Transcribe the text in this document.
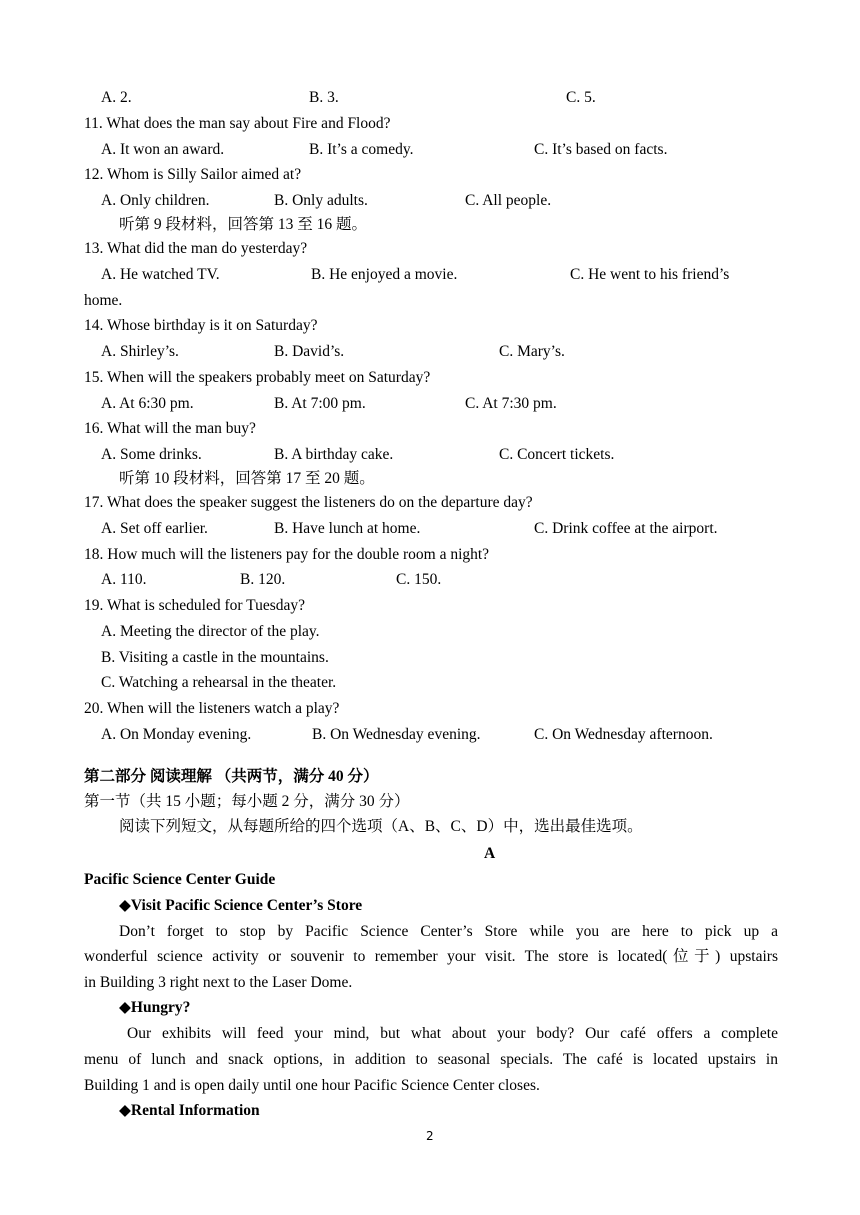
A. 2.	B. 3.	C. 5.
11. What does the man say about Fire and Flood?
A. It won an award.	B. It’s a comedy.	C. It’s based on facts.
12. Whom is Silly Sailor aimed at?
A. Only children.	B. Only adults.	C. All people.
听第 9 段材料，回答第 13 至 16 题。
13. What did the man do yesterday?
A. He watched TV.	B. He enjoyed a movie.	C. He went to his friend’s
home.
14. Whose birthday is it on Saturday?
A. Shirley’s.	B. David’s.	C. Mary’s.
15. When will the speakers probably meet on Saturday?
A. At 6:30 pm.	B. At 7:00 pm.	C. At 7:30 pm.
16. What will the man buy?
A. Some drinks.	B. A birthday cake.	C. Concert tickets.
听第 10 段材料，回答第 17 至 20 题。
17. What does the speaker suggest the listeners do on the departure day?
A. Set off earlier.	B. Have lunch at home.	C. Drink coffee at the airport.
18. How much will the listeners pay for the double room a night?
A. 110.	B. 120.	C. 150.
19. What is scheduled for Tuesday?
A. Meeting the director of the play.
B. Visiting a castle in the mountains.
C. Watching a rehearsal in the theater.
20. When will the listeners watch a play?
A. On Monday evening.	B. On Wednesday evening.	C. On Wednesday afternoon.
第二部分 阅读理解 （共两节，满分 40 分）
第一节（共 15 小题；每小题 2 分，满分 30 分）
阅读下列短文，从每题所给的四个选项（A、B、C、D）中，选出最佳选项。
A
Pacific Science Center Guide
◆Visit Pacific Science Center’s Store
Don’t forget to stop by Pacific Science Center’s Store while you are here to pick up a
wonderful science activity or souvenir to remember your visit. The store is located(位于) upstairs
in Building 3 right next to the Laser Dome.
◆Hungry?
Our exhibits will feed your mind, but what about your body? Our café offers a complete
menu of lunch and snack options, in addition to seasonal specials. The café is located upstairs in
Building 1 and is open daily until one hour Pacific Science Center closes.
◆Rental Information
2
